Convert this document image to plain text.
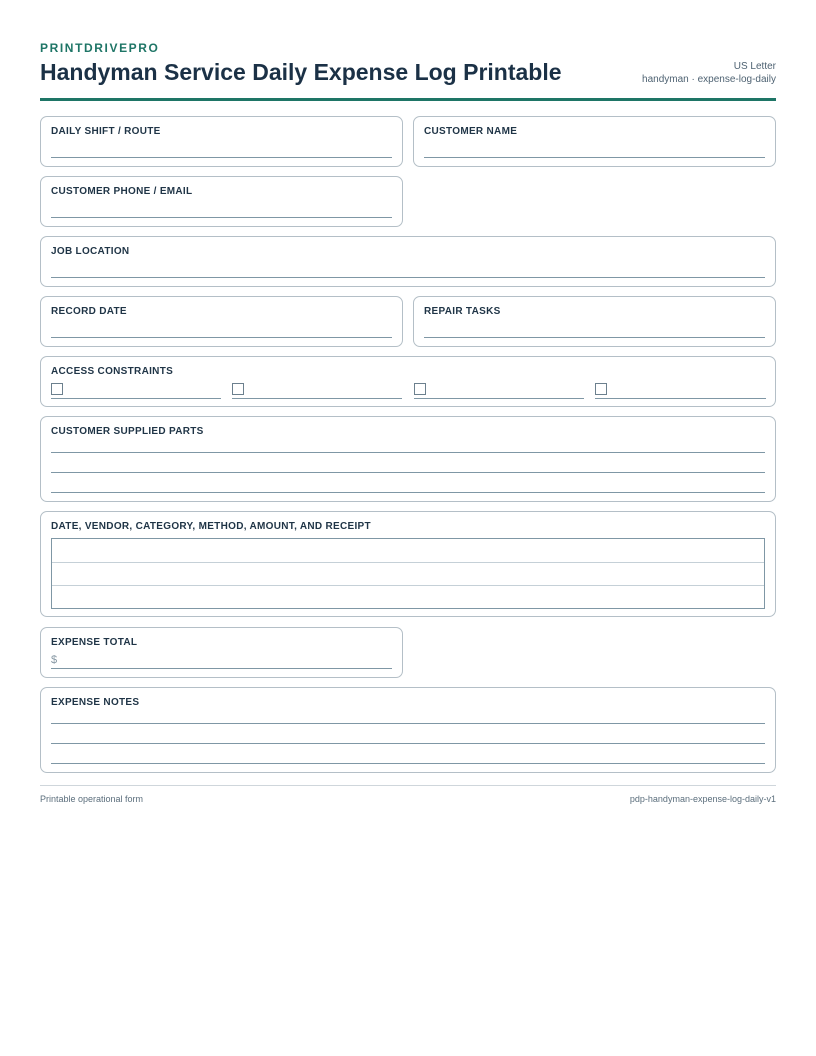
PRINTDRIVEPRO
Handyman Service Daily Expense Log Printable	US Letter
handyman · expense-log-daily
DAILY SHIFT / ROUTE	CUSTOMER NAME
CUSTOMER PHONE / EMAIL
JOB LOCATION
RECORD DATE	REPAIR TASKS
ACCESS CONSTRAINTS
CUSTOMER SUPPLIED PARTS
DATE, VENDOR, CATEGORY, METHOD, AMOUNT, AND RECEIPT
EXPENSE TOTAL
$
EXPENSE NOTES
Printable operational form	pdp-handyman-expense-log-daily-v1
